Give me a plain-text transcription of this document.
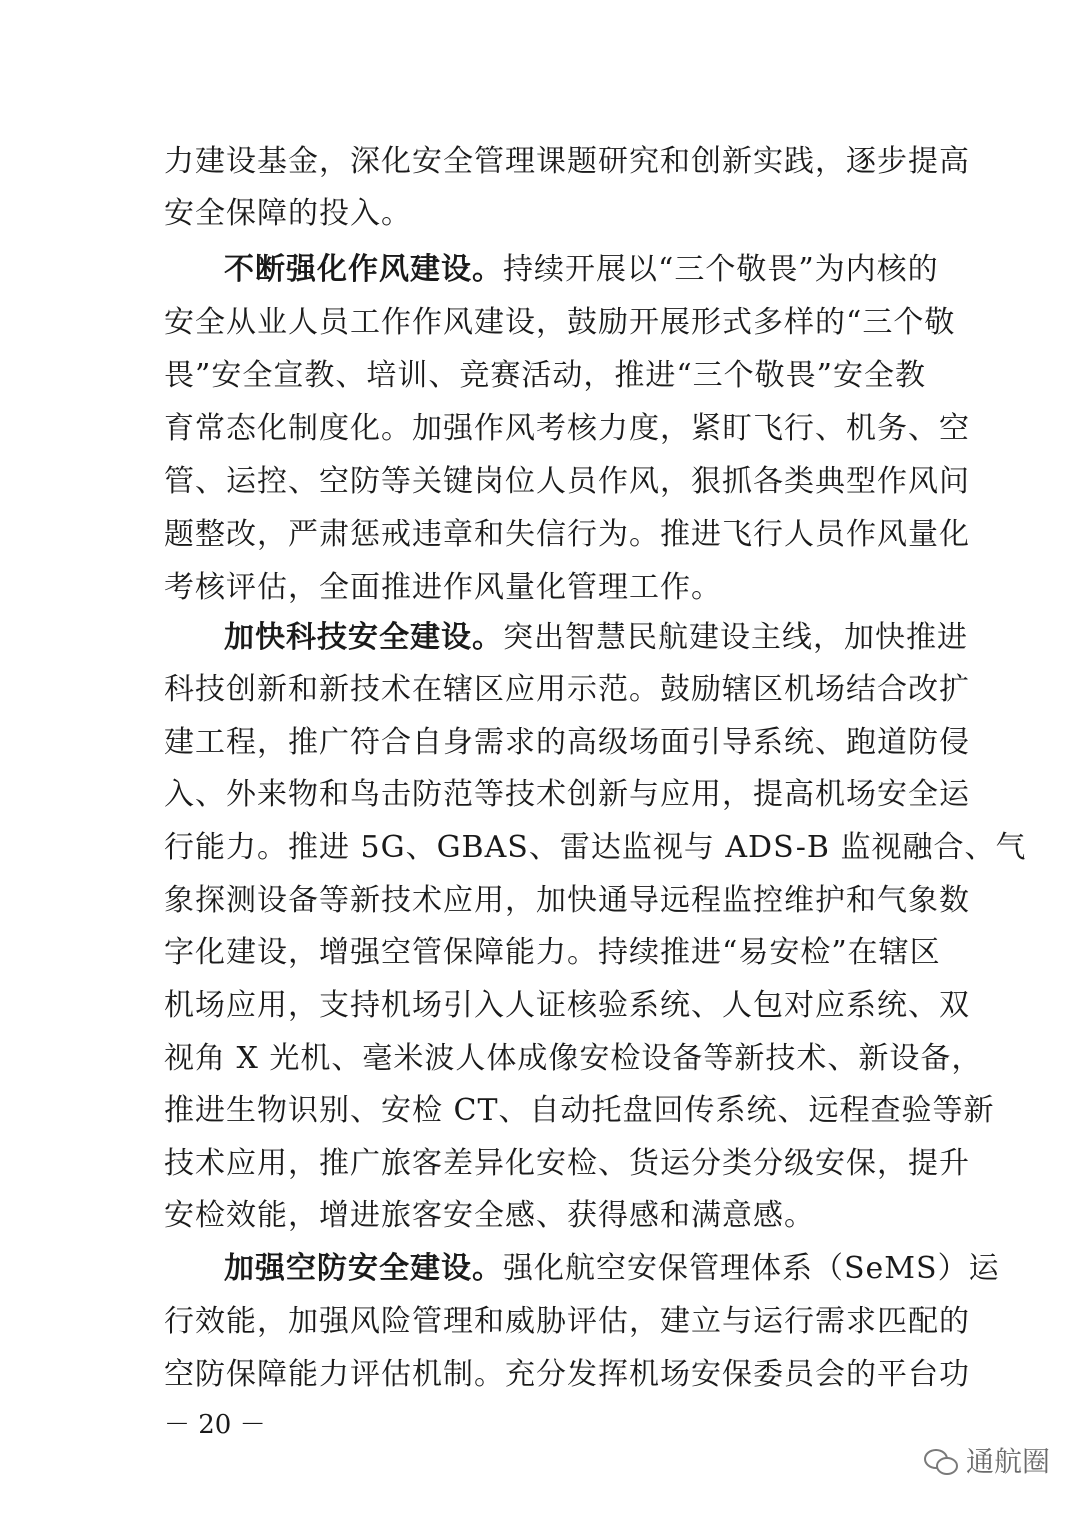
力建设基金，深化安全管理课题研究和创新实践，逐步提高
安全保障的投入。
不断强化作风建设。持续开展以“三个敬畏”为内核的
安全从业人员工作作风建设，鼓励开展形式多样的“三个敬
畏”安全宣教、培训、竞赛活动，推进“三个敬畏”安全教
育常态化制度化。加强作风考核力度，紧盯飞行、机务、空
管、运控、空防等关键岗位人员作风，狠抓各类典型作风问
题整改，严肃惩戒违章和失信行为。推进飞行人员作风量化
考核评估，全面推进作风量化管理工作。
加快科技安全建设。突出智慧民航建设主线，加快推进
科技创新和新技术在辖区应用示范。鼓励辖区机场结合改扩
建工程，推广符合自身需求的高级场面引导系统、跑道防侵
入、外来物和鸟击防范等技术创新与应用，提高机场安全运
行能力。推进 5G、GBAS、雷达监视与 ADS-B 监视融合、气
象探测设备等新技术应用，加快通导远程监控维护和气象数
字化建设，增强空管保障能力。持续推进“易安检”在辖区
机场应用，支持机场引入人证核验系统、人包对应系统、双
视角 X 光机、毫米波人体成像安检设备等新技术、新设备，
推进生物识别、安检 CT、自动托盘回传系统、远程查验等新
技术应用，推广旅客差异化安检、货运分类分级安保，提升
安检效能，增进旅客安全感、获得感和满意感。
加强空防安全建设。强化航空安保管理体系（SeMS）运
行效能，加强风险管理和威胁评估，建立与运行需求匹配的
空防保障能力评估机制。充分发挥机场安保委员会的平台功
－ 20 －
通航圈
